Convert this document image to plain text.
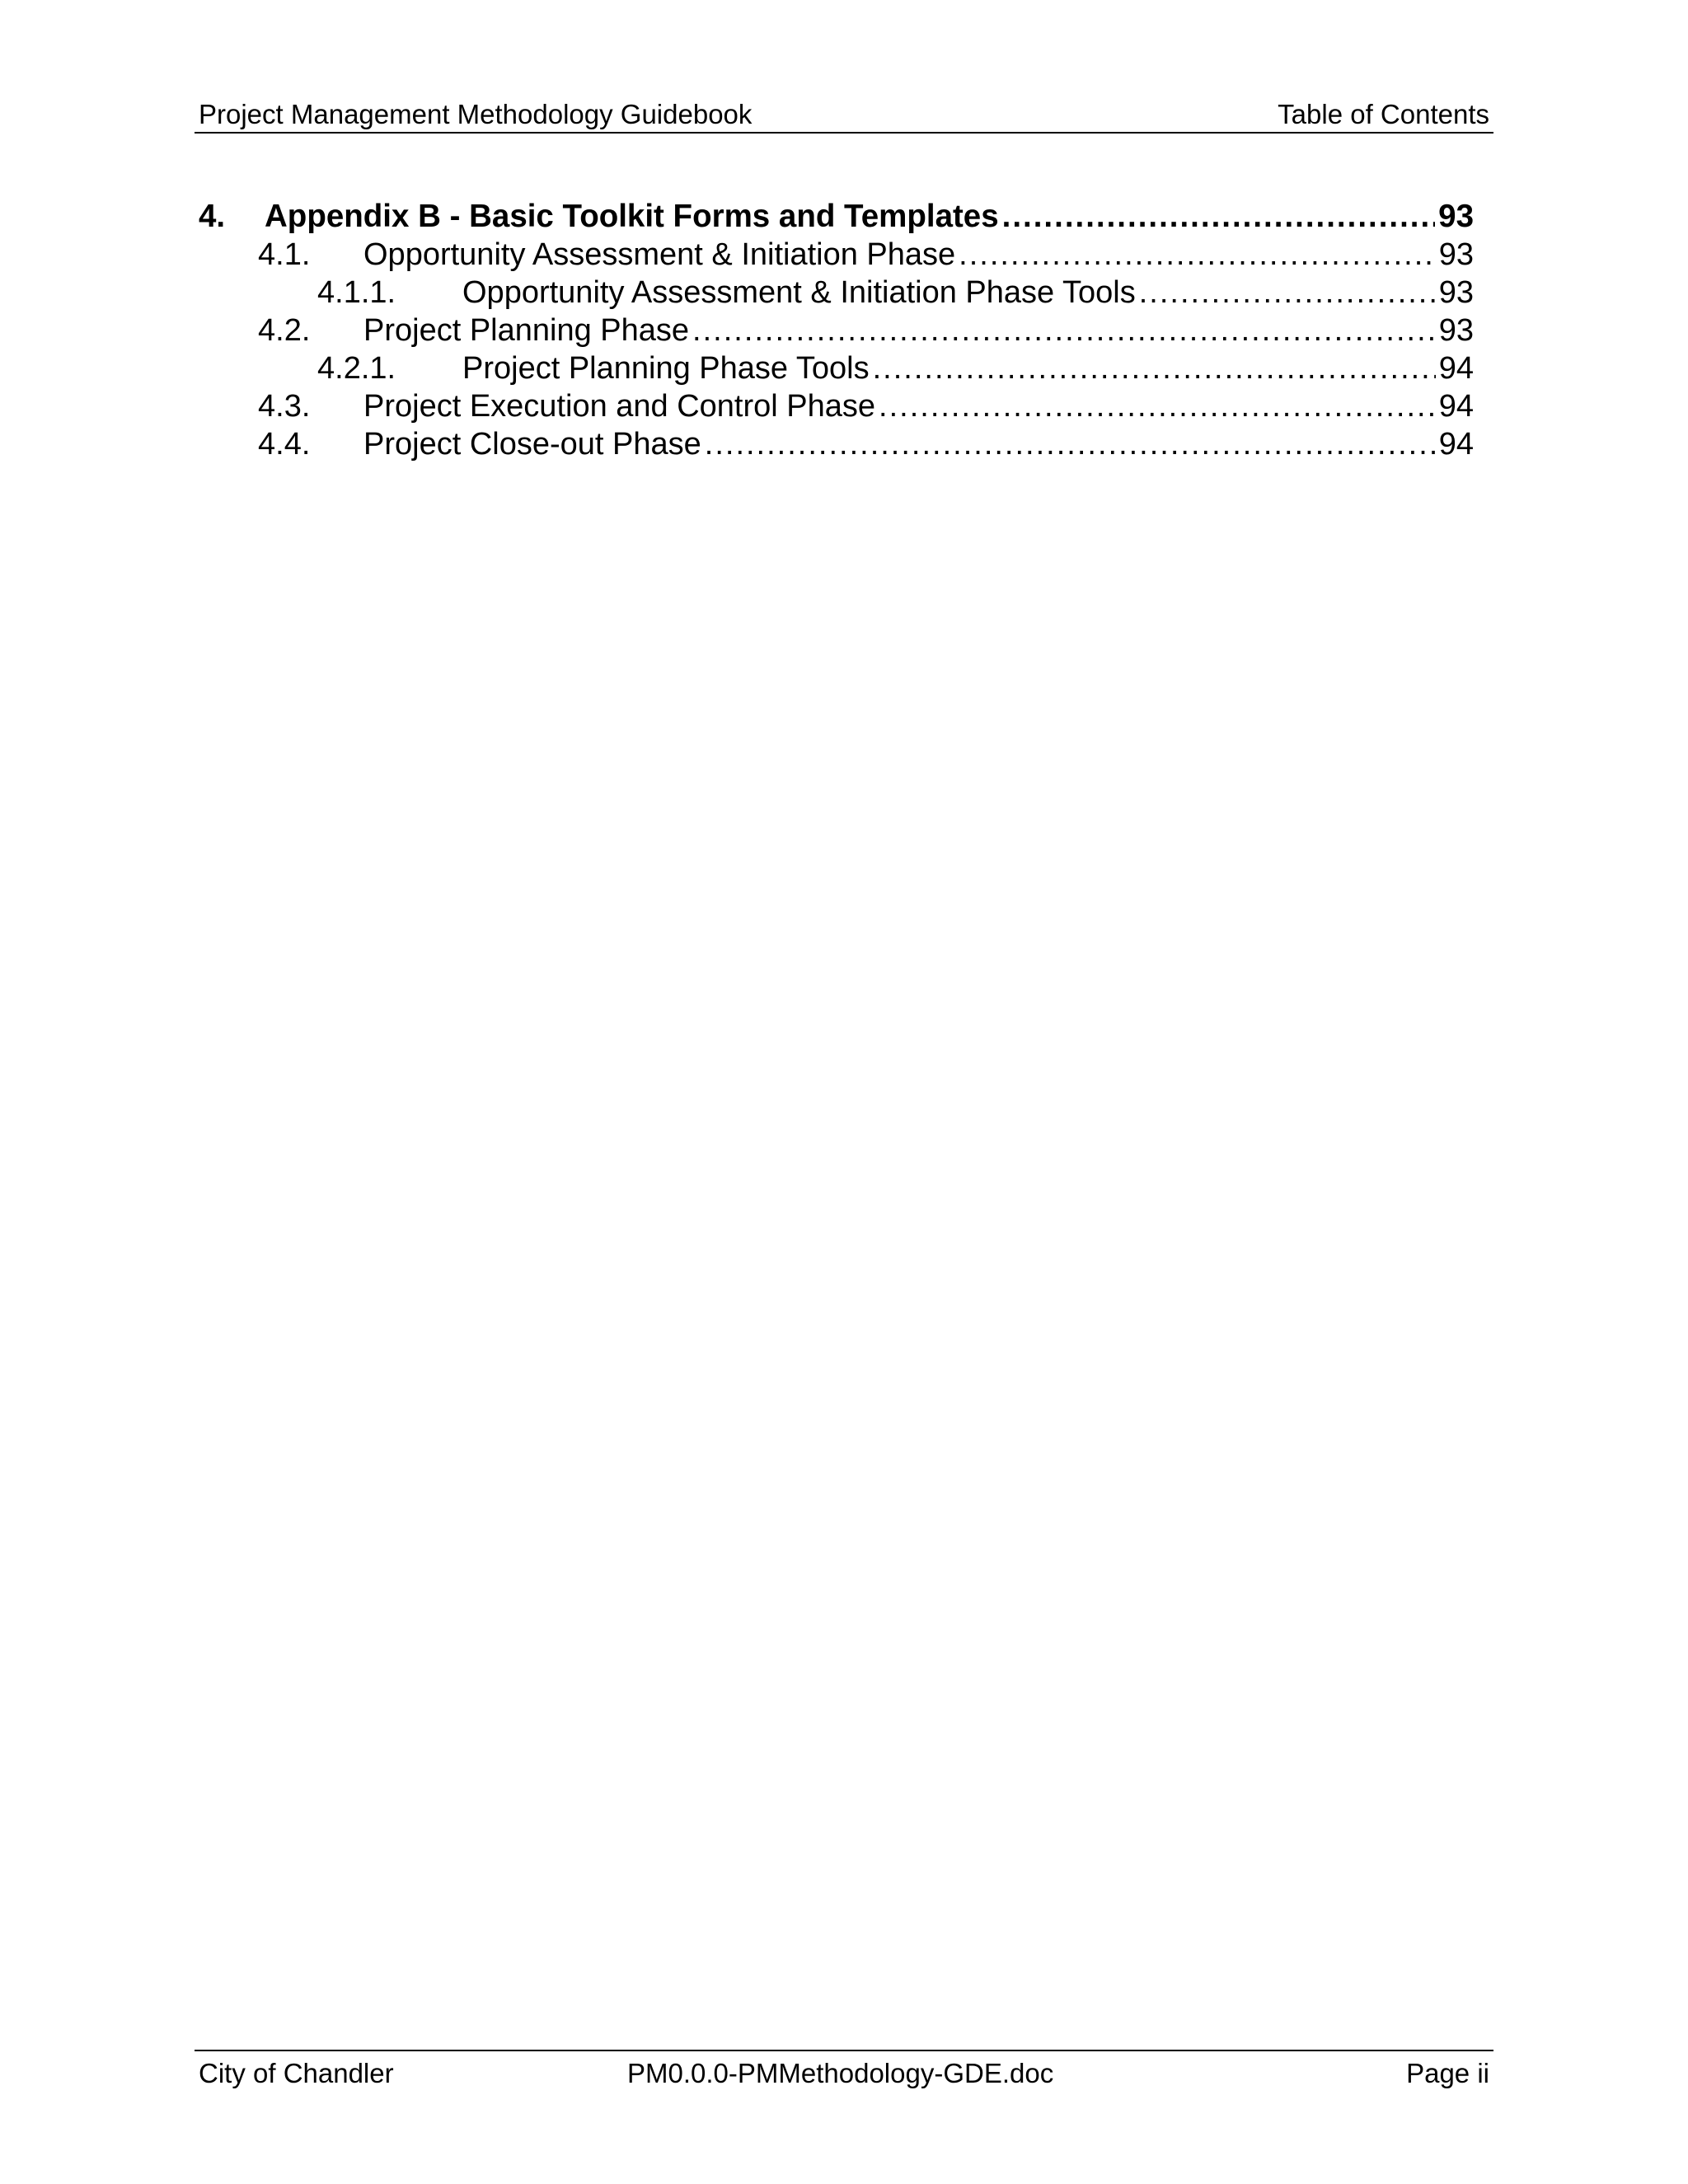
Project Management Methodology Guidebook	Table of Contents
4.	Appendix B - Basic Toolkit Forms and Templates .....	93
4.1.	Opportunity Assessment & Initiation Phase .....	93
4.1.1.	Opportunity Assessment & Initiation Phase Tools .....	93
4.2.	Project Planning Phase .....	93
4.2.1.	Project Planning Phase Tools .....	94
4.3.	Project Execution and Control Phase .....	94
4.4.	Project Close-out Phase .....	94
City of Chandler	PM0.0.0-PMMethodology-GDE.doc	Page ii
